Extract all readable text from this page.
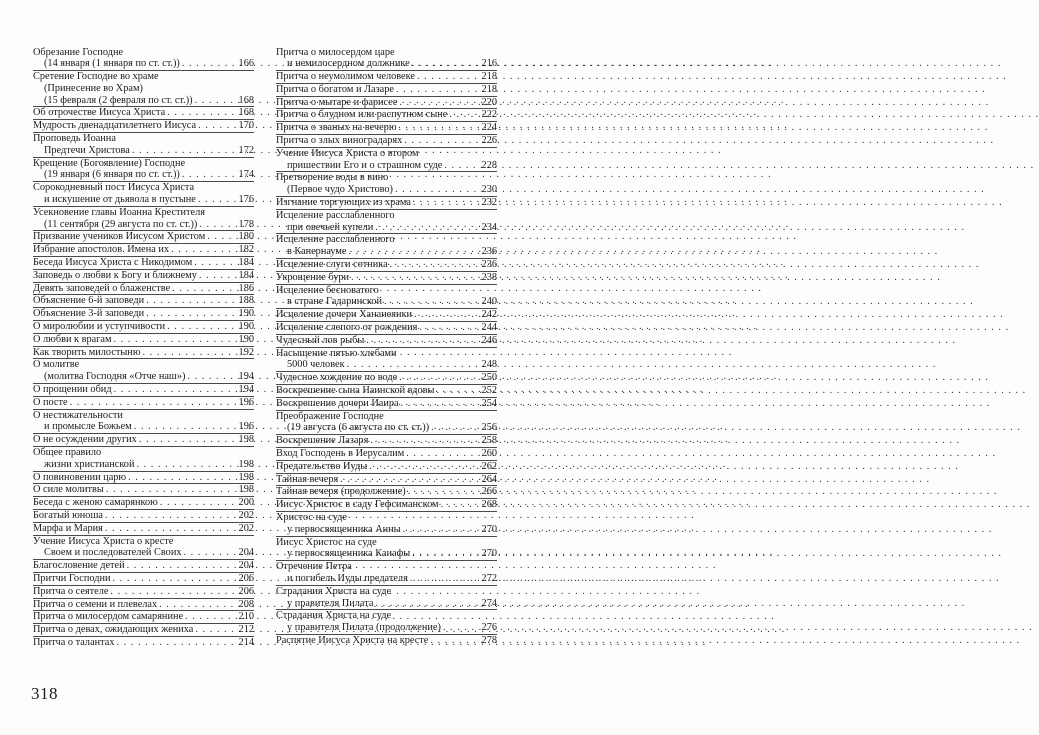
Обрезание Господне
(14 января (1 января по ст. ст.)) . . .	166
Сретение Господне во храме
(Принесение во Храм)
(15 февраля (2 февраля по ст. ст.)) . . .	168
Об отрочестве Иисуса Христа . . .	168
Мудрость двенадцатилетнего Иисуса . . .	170
Проповедь Иоанна
Предтечи Христова . . .	172
Крещение (Богоявление) Господне
(19 января (6 января по ст. ст.)) . . .	174
Сорокодневный пост Иисуса Христа
и искушение от дьявола в пустыне . . .	176
Усекновение главы Иоанна Крестителя
(11 сентября (29 августа по ст. ст.)) . . .	178
Призвание учеников Иисусом Христом . . .	180
Избрание апостолов. Имена их . . .	182
Беседа Иисуса Христа с Никодимом . . .	184
Заповедь о любви к Богу и ближнему . . .	184
Девять заповедей о блаженстве . . .	186
Объяснение 6-й заповеди . . .	188
Объяснение 3-й заповеди . . .	190
О миролюбии и уступчивости . . .	190
О любви к врагам . . .	190
Как творить милостыню . . .	192
О молитве
(молитва Господня «Отче наш») . . .	194
О прощении обид . . .	194
О посте . . .	196
О нестяжательности
и промысле Божьем . . .	196
О не осуждении других . . .	198
Общее правило
жизни христианской . . .	198
О повиновении царю . . .	198
О силе молитвы . . .	198
Беседа с женою самарянкою . . .	200
Богатый юноша . . .	202
Марфа и Мария . . .	202
Учение Иисуса Христа о кресте
Своем и последователей Своих . . .	204
Благословение детей . . .	204
Притчи Господни . . .	206
Притча о сеятеле . . .	206
Притча о семени и плевелах . . .	208
Притча о милосердом самарянине . . .	210
Притча о девах, ожидающих жениха . . .	212
Притча о талантах . . .	214
Притча о милосердом царе
и немилосердном должнике . . .	216
Притча о неумолимом человеке . . .	218
Притча о богатом и Лазаре . . .	218
Притча о мытаре и фарисее . . .	220
Притча о блудном или распутном сыне . . .	222
Притча о званых на вечерю . . .	224
Притча о злых виноградарях . . .	226
Учение Иисуса Христа о втором
пришествии Его и о страшном суде . . .	228
Претворение воды в вино
(Первое чудо Христово) . . .	230
Изгнание торгующих из храма . . .	232
Исцеление расслабленного
при овечьей купели . . .	234
Исцеление расслабленного
в Капернауме . . .	236
Исцеление слуги сотника . . .	236
Укрощение бури . . .	238
Исцеление бесноватого
в стране Гадаринской . . .	240
Исцеление дочери Хананеянки . . .	242
Исцеление слепого от рождения . . .	244
Чудесный лов рыбы . . .	246
Насыщение пятью хлебами
5000 человек . . .	248
Чудесное хождение по воде . . .	250
Воскрешение сына Наинской вдовы . . .	252
Воскрешение дочери Иаира . . .	254
Преображение Господне
(19 августа (6 августа по ст. ст.)) . . .	256
Воскрешение Лазаря . . .	258
Вход Господень в Иерусалим . . .	260
Предательство Иуды . . .	262
Тайная вечеря . . .	264
Тайная вечеря (продолжение) . . .	266
Иисус Христос в саду Гефсиманском . . .	268
Христос на суде
у первосвященника Анны . . .	270
Иисус Христос на суде
у первосвященника Каиафы . . .	270
Отречение Петра
и погибель Иуды предателя . . .	272
Страдания Христа на суде
у правителя Пилата . . .	274
Страдания Христа на суде
у правителя Пилата (продолжение) . . .	276
Распятие Иисуса Христа на кресте . . .	278
318
